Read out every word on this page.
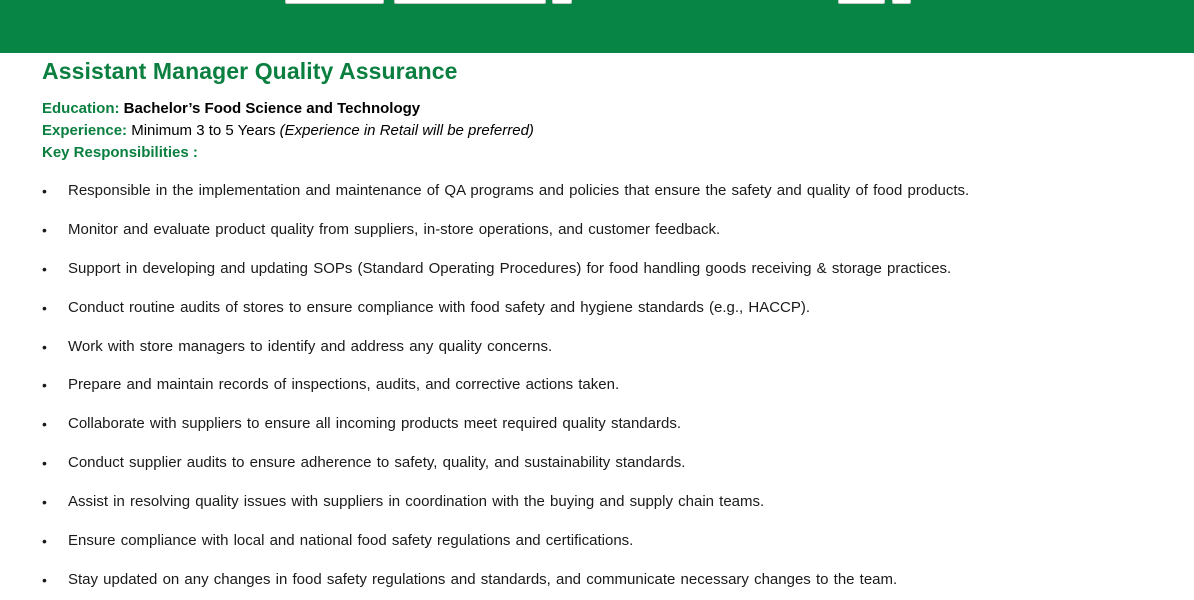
Assistant Manager Quality Assurance
Education: Bachelor’s Food Science and Technology
Experience: Minimum 3 to 5 Years (Experience in Retail will be preferred)
Key Responsibilities :
•	Responsible in the implementation and maintenance of QA programs and policies that ensure the safety and quality of food products.
•	Monitor and evaluate product quality from suppliers, in-store operations, and customer feedback.
•	Support in developing and updating SOPs (Standard Operating Procedures) for food handling goods receiving & storage practices.
•	Conduct routine audits of stores to ensure compliance with food safety and hygiene standards (e.g., HACCP).
•	Work with store managers to identify and address any quality concerns.
•	Prepare and maintain records of inspections, audits, and corrective actions taken.
•	Collaborate with suppliers to ensure all incoming products meet required quality standards.
•	Conduct supplier audits to ensure adherence to safety, quality, and sustainability standards.
•	Assist in resolving quality issues with suppliers in coordination with the buying and supply chain teams.
•	Ensure compliance with local and national food safety regulations and certifications.
•	Stay updated on any changes in food safety regulations and standards, and communicate necessary changes to the team.
